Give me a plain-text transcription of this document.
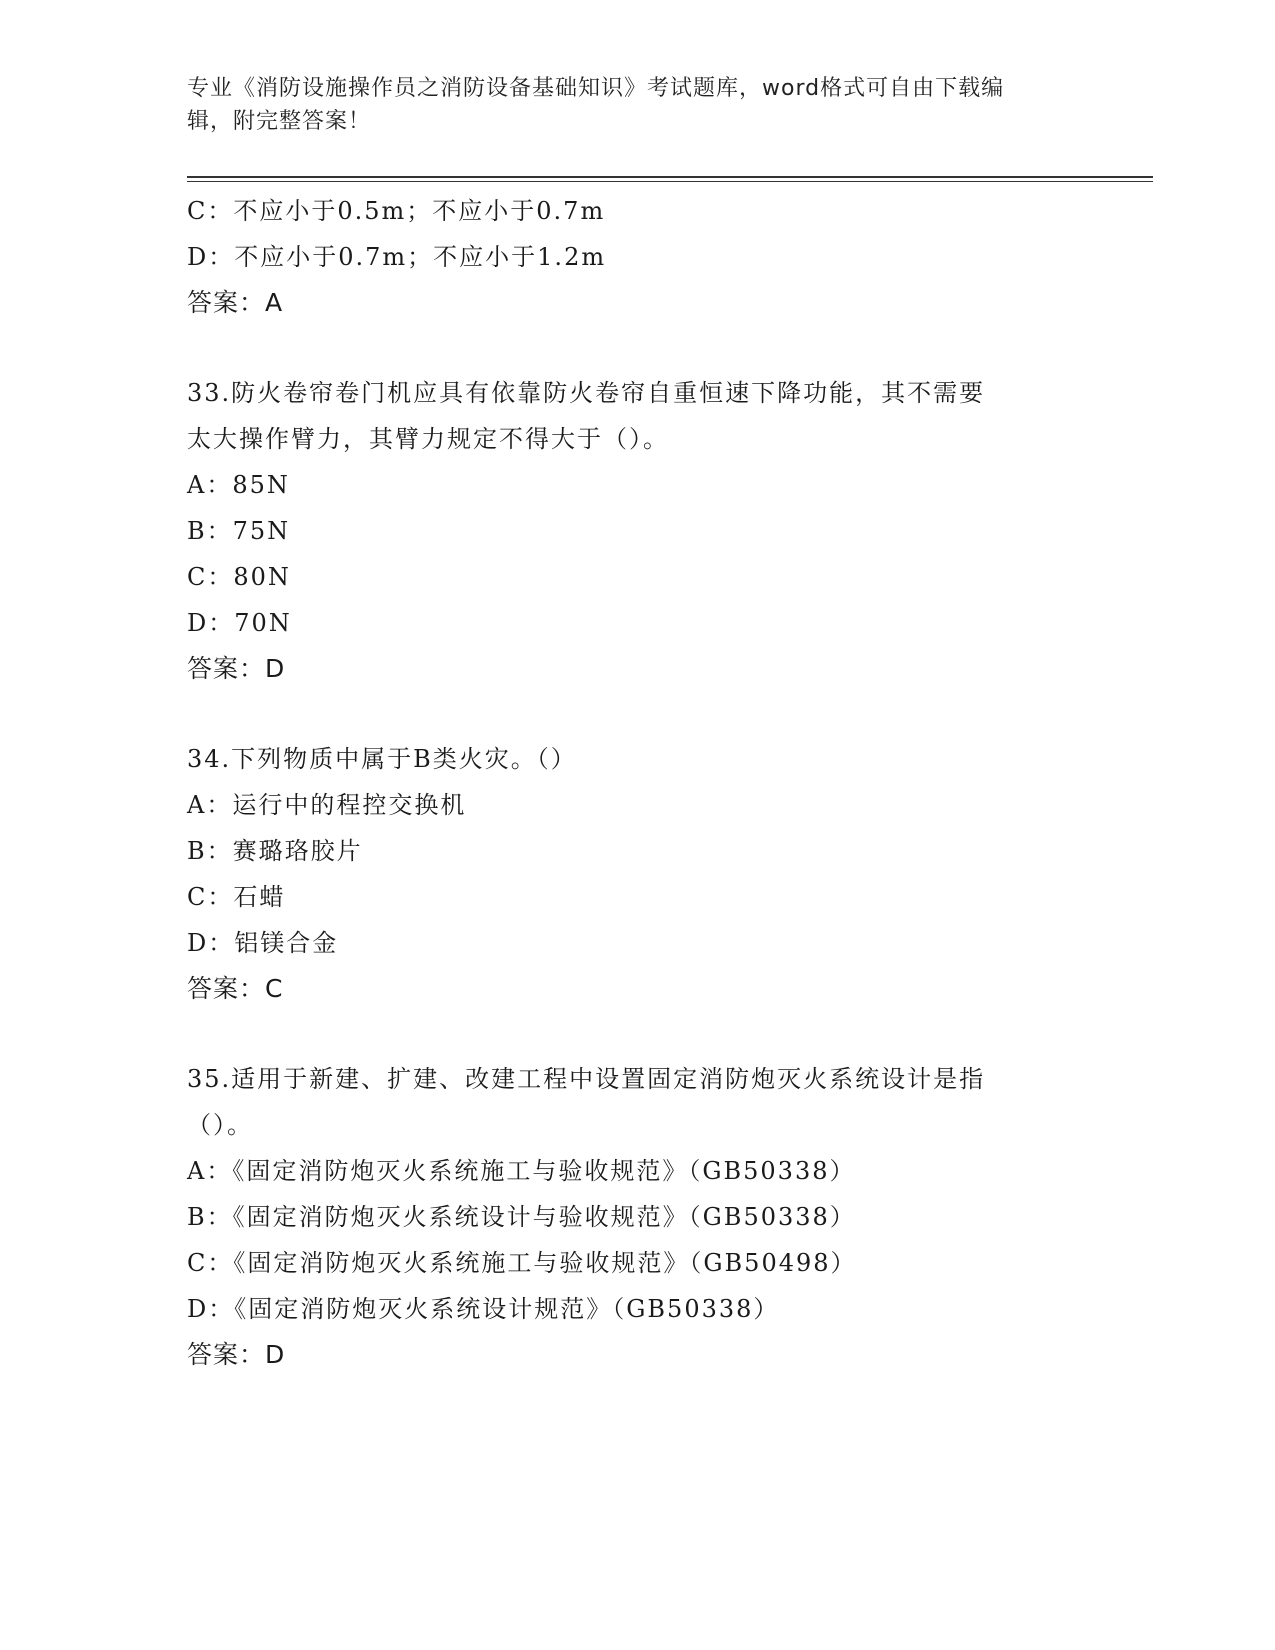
专业《消防设施操作员之消防设备基础知识》考试题库，word格式可自由下载编
辑，附完整答案！
C：不应小于0.5m；不应小于0.7m
D：不应小于0.7m；不应小于1.2m
答案：A
33.防火卷帘卷门机应具有依靠防火卷帘自重恒速下降功能，其不需要
太大操作臂力，其臂力规定不得大于（）。
A：85N
B：75N
C：80N
D：70N
答案：D
34.下列物质中属于B类火灾。（）
A：运行中的程控交换机
B：赛璐珞胶片
C：石蜡
D：铝镁合金
答案：C
35.适用于新建、扩建、改建工程中设置固定消防炮灭火系统设计是指
（）。
A：《固定消防炮灭火系统施工与验收规范》（GB50338）
B：《固定消防炮灭火系统设计与验收规范》（GB50338）
C：《固定消防炮灭火系统施工与验收规范》（GB50498）
D：《固定消防炮灭火系统设计规范》（GB50338）
答案：D
